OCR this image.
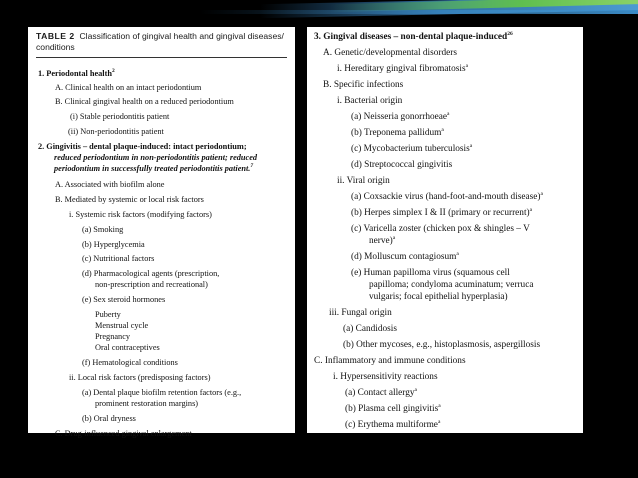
TABLE 2 Classification of gingival health and gingival diseases/
conditions
1. Periodontal health$^2$
A. Clinical health on an intact periodontium
B. Clinical gingival health on a reduced periodontium
(i) Stable periodontitis patient
(ii) Non-periodontitis patient
2. Gingivitis – dental plaque-induced: intact periodontium;
reduced periodontium in non-periodontitis patient; reduced
periodontium in successfully treated periodontitis patient.$^7$
A. Associated with biofilm alone
B. Mediated by systemic or local risk factors
i. Systemic risk factors (modifying factors)
(a) Smoking
(b) Hyperglycemia
(c) Nutritional factors
(d) Pharmacological agents (prescription,
non-prescription and recreational)
(e) Sex steroid hormones
Puberty
Menstrual cycle
Pregnancy
Oral contraceptives
(f) Hematological conditions
ii. Local risk factors (predisposing factors)
(a) Dental plaque biofilm retention factors (e.g.,
prominent restoration margins)
(b) Oral dryness
C. Drug-influenced gingival enlargement
3. Gingival diseases – non-dental plaque-induced$^{26}$
A. Genetic/developmental disorders
i. Hereditary gingival fibromatosis$^a$
B. Specific infections
i. Bacterial origin
(a) Neisseria gonorrhoeae$^a$
(b) Treponema pallidum$^a$
(c) Mycobacterium tuberculosis$^a$
(d) Streptococcal gingivitis
ii. Viral origin
(a) Coxsackie virus (hand-foot-and-mouth disease)$^a$
(b) Herpes simplex I & II (primary or recurrent)$^a$
(c) Varicella zoster (chicken pox & shingles – V
nerve)$^a$
(d) Molluscum contagiosum$^a$
(e) Human papilloma virus (squamous cell
papilloma; condyloma acuminatum; verruca
vulgaris; focal epithelial hyperplasia)
iii. Fungal origin
(a) Candidosis
(b) Other mycoses, e.g., histoplasmosis, aspergillosis
C. Inflammatory and immune conditions
i. Hypersensitivity reactions
(a) Contact allergy$^a$
(b) Plasma cell gingivitis$^a$
(c) Erythema multiforme$^a$
